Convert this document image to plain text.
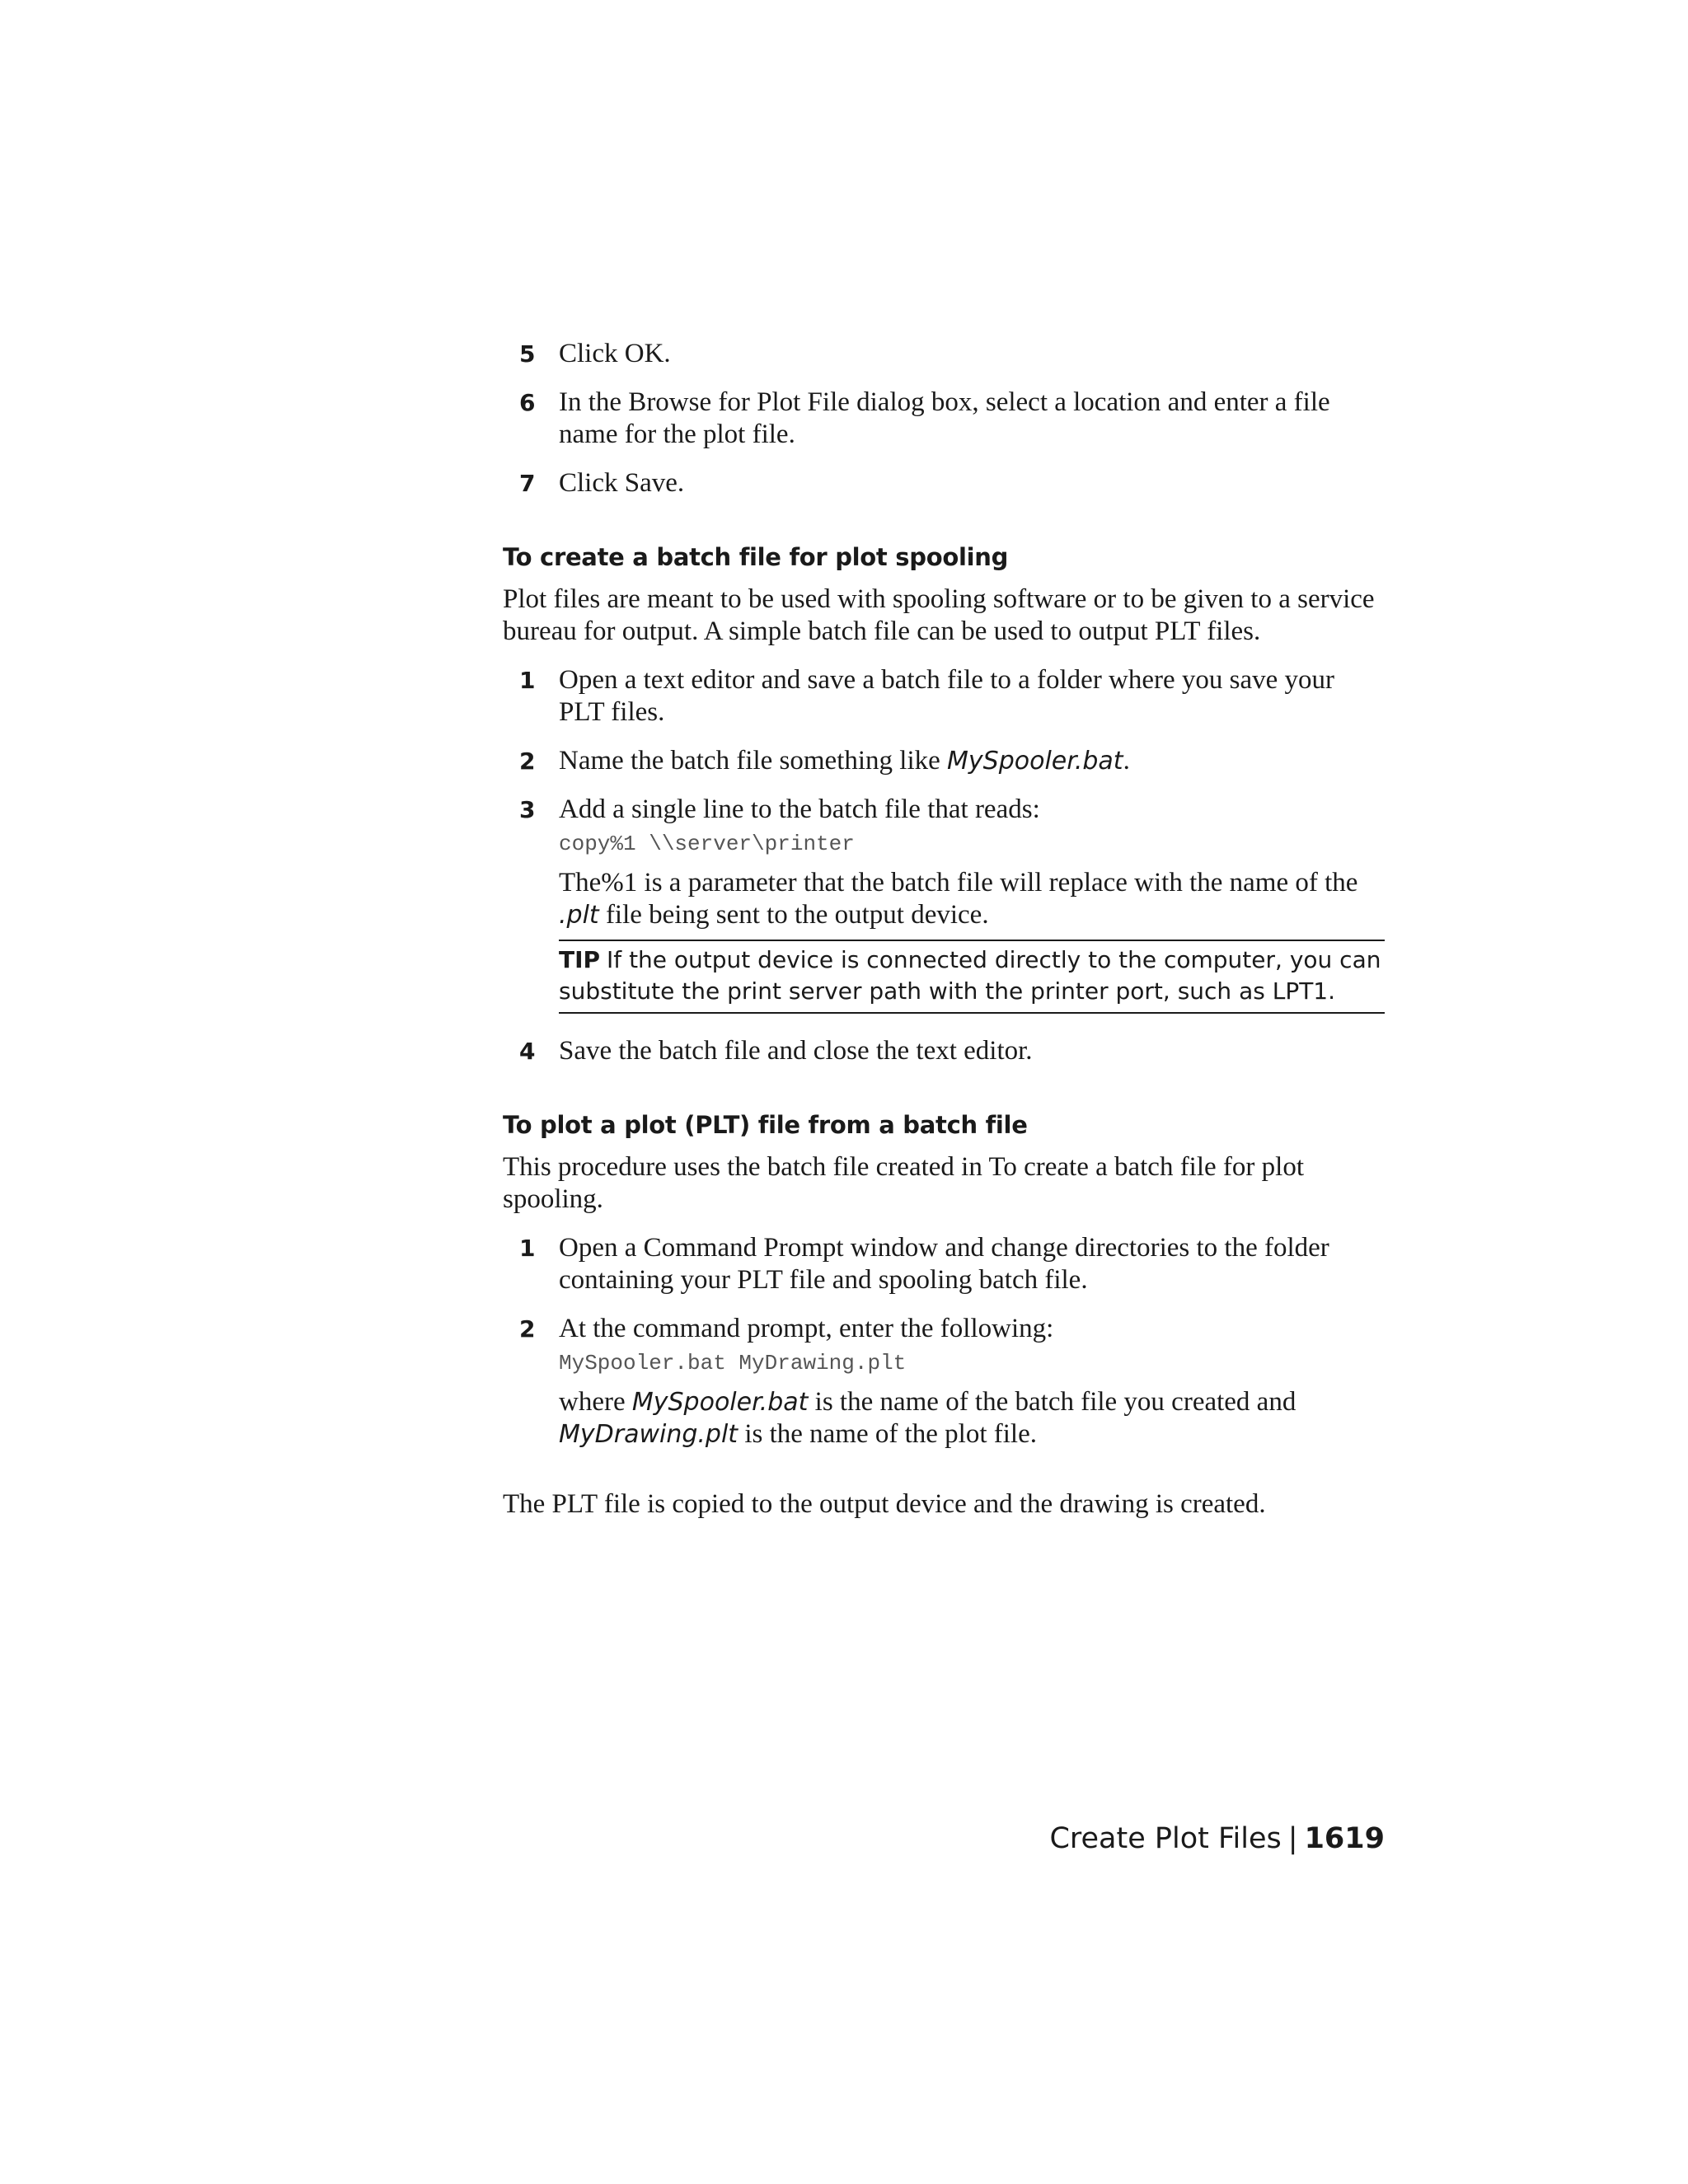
5 Click OK.
6 In the Browse for Plot File dialog box, select a location and enter a file name for the plot file.
7 Click Save.
To create a batch file for plot spooling
Plot files are meant to be used with spooling software or to be given to a service bureau for output. A simple batch file can be used to output PLT files.
1 Open a text editor and save a batch file to a folder where you save your PLT files.
2 Name the batch file something like MySpooler.bat.
3 Add a single line to the batch file that reads:
copy%1 \\server\printer
The%1 is a parameter that the batch file will replace with the name of the .plt file being sent to the output device.
TIP If the output device is connected directly to the computer, you can substitute the print server path with the printer port, such as LPT1.
4 Save the batch file and close the text editor.
To plot a plot (PLT) file from a batch file
This procedure uses the batch file created in To create a batch file for plot spooling.
1 Open a Command Prompt window and change directories to the folder containing your PLT file and spooling batch file.
2 At the command prompt, enter the following:
MySpooler.bat MyDrawing.plt
where MySpooler.bat is the name of the batch file you created and MyDrawing.plt is the name of the plot file.
The PLT file is copied to the output device and the drawing is created.
Create Plot Files | 1619
